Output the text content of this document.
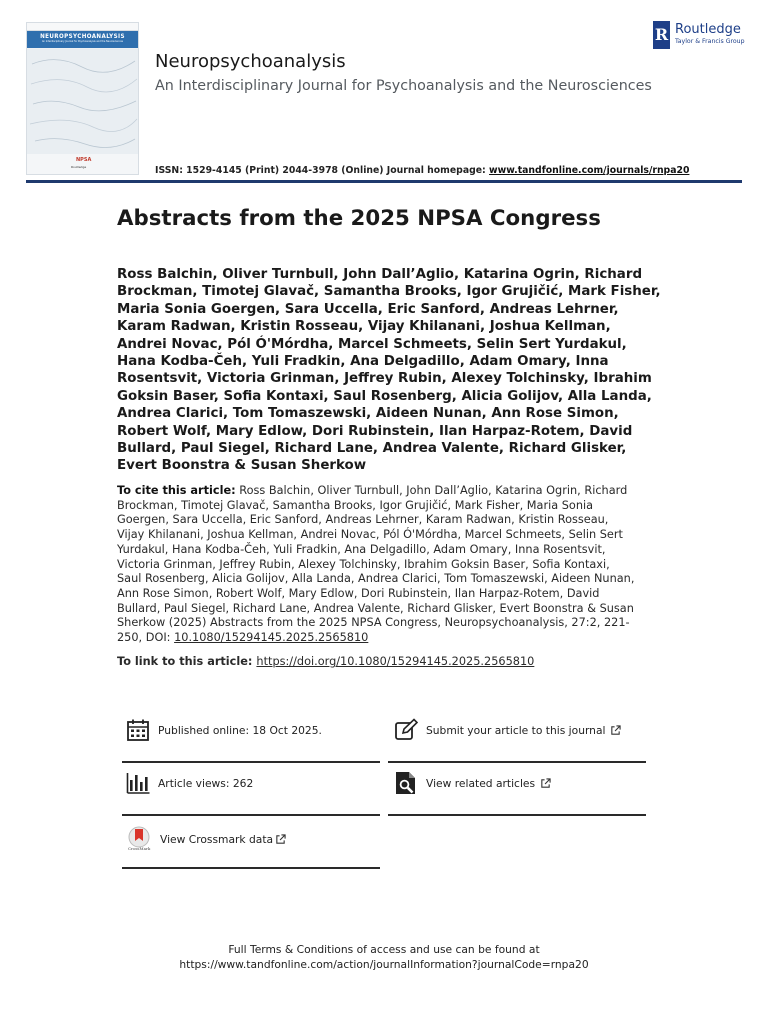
NEUROPSYCHOANALYSIS
An Interdisciplinary Journal for Psychoanalysis and the Neurosciences
NPSA
Routledge
Neuropsychoanalysis
An Interdisciplinary Journal for Psychoanalysis and the Neurosciences
ISSN: 1529-4145 (Print) 2044-3978 (Online) Journal homepage: www.tandfonline.com/journals/rnpa20
R Routledge
Taylor & Francis Group
Abstracts from the 2025 NPSA Congress
Ross Balchin, Oliver Turnbull, John Dall’Aglio, Katarina Ogrin, Richard Brockman, Timotej Glavač, Samantha Brooks, Igor Grujičić, Mark Fisher, Maria Sonia Goergen, Sara Uccella, Eric Sanford, Andreas Lehrner, Karam Radwan, Kristin Rosseau, Vijay Khilanani, Joshua Kellman, Andrei Novac, Pól Ó'Mórdha, Marcel Schmeets, Selin Sert Yurdakul, Hana Kodba-Čeh, Yuli Fradkin, Ana Delgadillo, Adam Omary, Inna Rosentsvit, Victoria Grinman, Jeffrey Rubin, Alexey Tolchinsky, Ibrahim Goksin Baser, Sofia Kontaxi, Saul Rosenberg, Alicia Golijov, Alla Landa, Andrea Clarici, Tom Tomaszewski, Aideen Nunan, Ann Rose Simon, Robert Wolf, Mary Edlow, Dori Rubinstein, Ilan Harpaz-Rotem, David Bullard, Paul Siegel, Richard Lane, Andrea Valente, Richard Glisker, Evert Boonstra & Susan Sherkow
To cite this article: Ross Balchin, Oliver Turnbull, John Dall’Aglio, Katarina Ogrin, Richard Brockman, Timotej Glavač, Samantha Brooks, Igor Grujičić, Mark Fisher, Maria Sonia Goergen, Sara Uccella, Eric Sanford, Andreas Lehrner, Karam Radwan, Kristin Rosseau, Vijay Khilanani, Joshua Kellman, Andrei Novac, Pól Ó'Mórdha, Marcel Schmeets, Selin Sert Yurdakul, Hana Kodba-Čeh, Yuli Fradkin, Ana Delgadillo, Adam Omary, Inna Rosentsvit, Victoria Grinman, Jeffrey Rubin, Alexey Tolchinsky, Ibrahim Goksin Baser, Sofia Kontaxi, Saul Rosenberg, Alicia Golijov, Alla Landa, Andrea Clarici, Tom Tomaszewski, Aideen Nunan, Ann Rose Simon, Robert Wolf, Mary Edlow, Dori Rubinstein, Ilan Harpaz-Rotem, David Bullard, Paul Siegel, Richard Lane, Andrea Valente, Richard Glisker, Evert Boonstra & Susan Sherkow (2025) Abstracts from the 2025 NPSA Congress, Neuropsychoanalysis, 27:2, 221-250, DOI: 10.1080/15294145.2025.2565810
To link to this article: https://doi.org/10.1080/15294145.2025.2565810
Published online: 18 Oct 2025.	Submit your article to this journal
Article views: 262	View related articles
CrossMark
View Crossmark data
Full Terms & Conditions of access and use can be found at
https://www.tandfonline.com/action/journalInformation?journalCode=rnpa20
